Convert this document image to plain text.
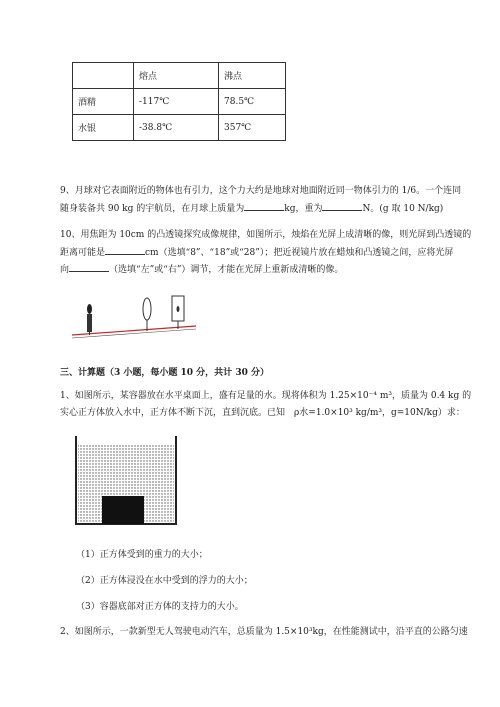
	熔点	沸点
酒精	-117℃	78.5℃
水银	-38.8℃	357℃
9、月球对它表面附近的物体也有引力，这个力大约是地球对地面附近同一物体引力的 1/6。一个连同
随身装备共 90 kg 的宇航员，在月球上质量为	kg，重为	N。(g 取 10 N/kg)
10、用焦距为 10cm 的凸透镜探究成像规律，如图所示，烛焰在光屏上成清晰的像，则光屏到凸透镜的
距离可能是	cm（选填“8”、“18”或“28”）；把近视镜片放在蜡烛和凸透镜之间，应将光屏
向	（选填“左”或“右”）调节，才能在光屏上重新成清晰的像。
三、计算题（3 小题，每小题 10 分，共计 30 分）
1、如图所示，某容器放在水平桌面上，盛有足量的水。现将体积为 1.25×10⁻⁴ m³，质量为 0.4 kg 的
实心正方体放入水中，正方体不断下沉，直到沉底。已知　ρ水=1.0×10³ kg/m³，g=10N/kg）求：
（1）正方体受到的重力的大小；
（2）正方体浸没在水中受到的浮力的大小；
（3）容器底部对正方体的支持力的大小。
2、如图所示，一款新型无人驾驶电动汽车，总质量为 1.5×10³kg，在性能测试中，沿平直的公路匀速
